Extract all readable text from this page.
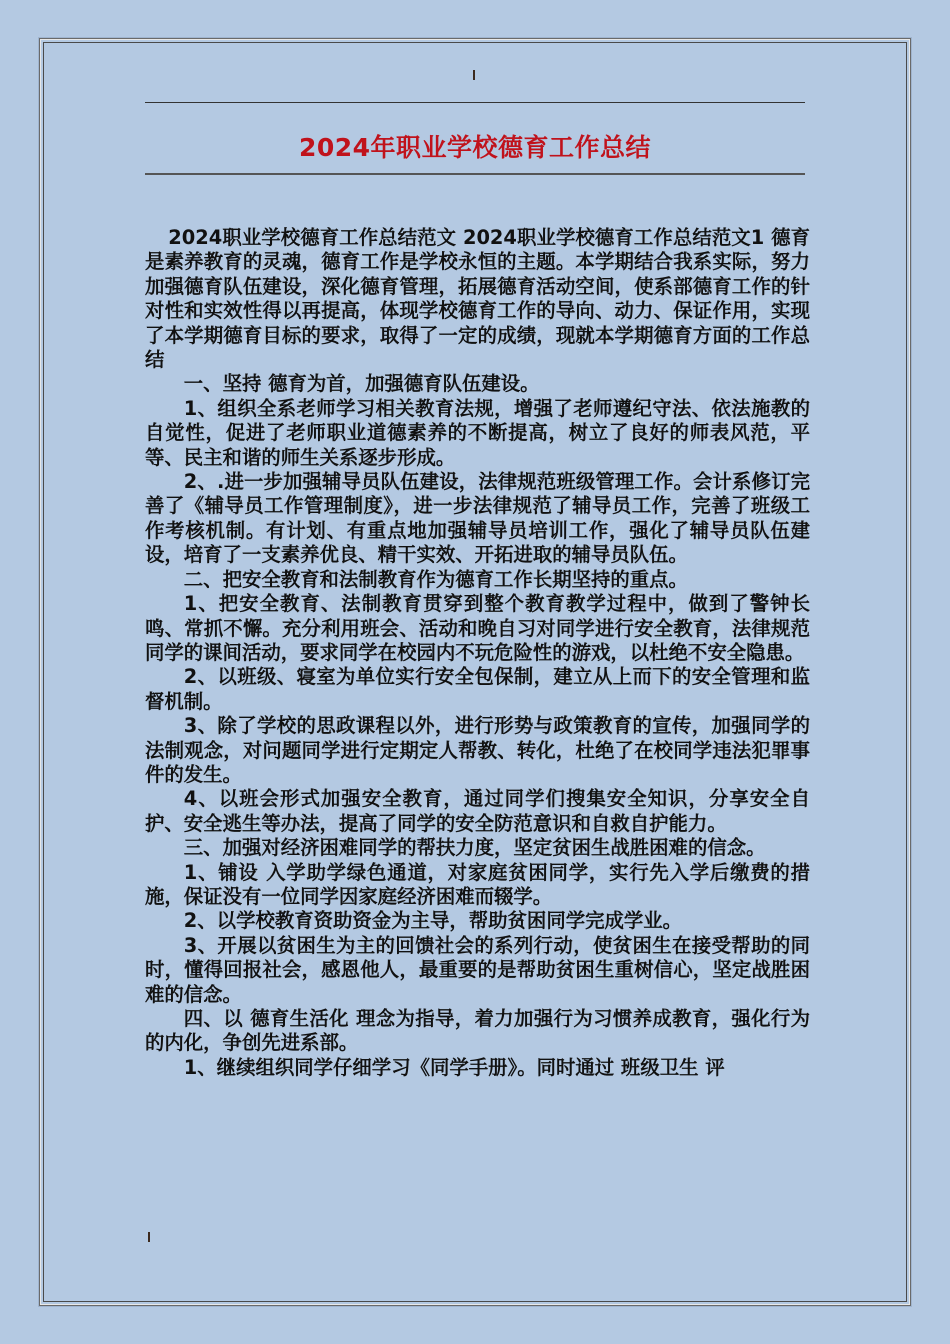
2024年职业学校德育工作总结

2024职业学校德育工作总结范文 2024职业学校德育工作总结范文1 德育是素养教育的灵魂，德育工作是学校永恒的主题。本学期结合我系实际，努力加强德育队伍建设，深化德育管理，拓展德育活动空间，使系部德育工作的针对性和实效性得以再提高，体现学校德育工作的导向、动力、保证作用，实现了本学期德育目标的要求，取得了一定的成绩，现就本学期德育方面的工作总结

一、坚持 德育为首，加强德育队伍建设。

1、组织全系老师学习相关教育法规，增强了老师遵纪守法、依法施教的自觉性，促进了老师职业道德素养的不断提高，树立了良好的师表风范，平等、民主和谐的师生关系逐步形成。

2、.进一步加强辅导员队伍建设，法律规范班级管理工作。会计系修订完善了《辅导员工作管理制度》，进一步法律规范了辅导员工作，完善了班级工作考核机制。有计划、有重点地加强辅导员培训工作，强化了辅导员队伍建设，培育了一支素养优良、精干实效、开拓进取的辅导员队伍。

二、把安全教育和法制教育作为德育工作长期坚持的重点。

1、把安全教育、法制教育贯穿到整个教育教学过程中，做到了警钟长鸣、常抓不懈。充分利用班会、活动和晚自习对同学进行安全教育，法律规范同学的课间活动，要求同学在校园内不玩危险性的游戏，以杜绝不安全隐患。

2、以班级、寝室为单位实行安全包保制，建立从上而下的安全管理和监督机制。

3、除了学校的思政课程以外，进行形势与政策教育的宣传，加强同学的法制观念，对问题同学进行定期定人帮教、转化，杜绝了在校同学违法犯罪事件的发生。

4、以班会形式加强安全教育，通过同学们搜集安全知识，分享安全自护、安全逃生等办法，提高了同学的安全防范意识和自救自护能力。

三、加强对经济困难同学的帮扶力度，坚定贫困生战胜困难的信念。

1、铺设 入学助学绿色通道，对家庭贫困同学，实行先入学后缴费的措施，保证没有一位同学因家庭经济困难而辍学。

2、以学校教育资助资金为主导，帮助贫困同学完成学业。

3、开展以贫困生为主的回馈社会的系列行动，使贫困生在接受帮助的同时，懂得回报社会，感恩他人，最重要的是帮助贫困生重树信心，坚定战胜困难的信念。

四、以 德育生活化 理念为指导，着力加强行为习惯养成教育，强化行为的内化，争创先进系部。

1、继续组织同学仔细学习《同学手册》。同时通过 班级卫生 评
